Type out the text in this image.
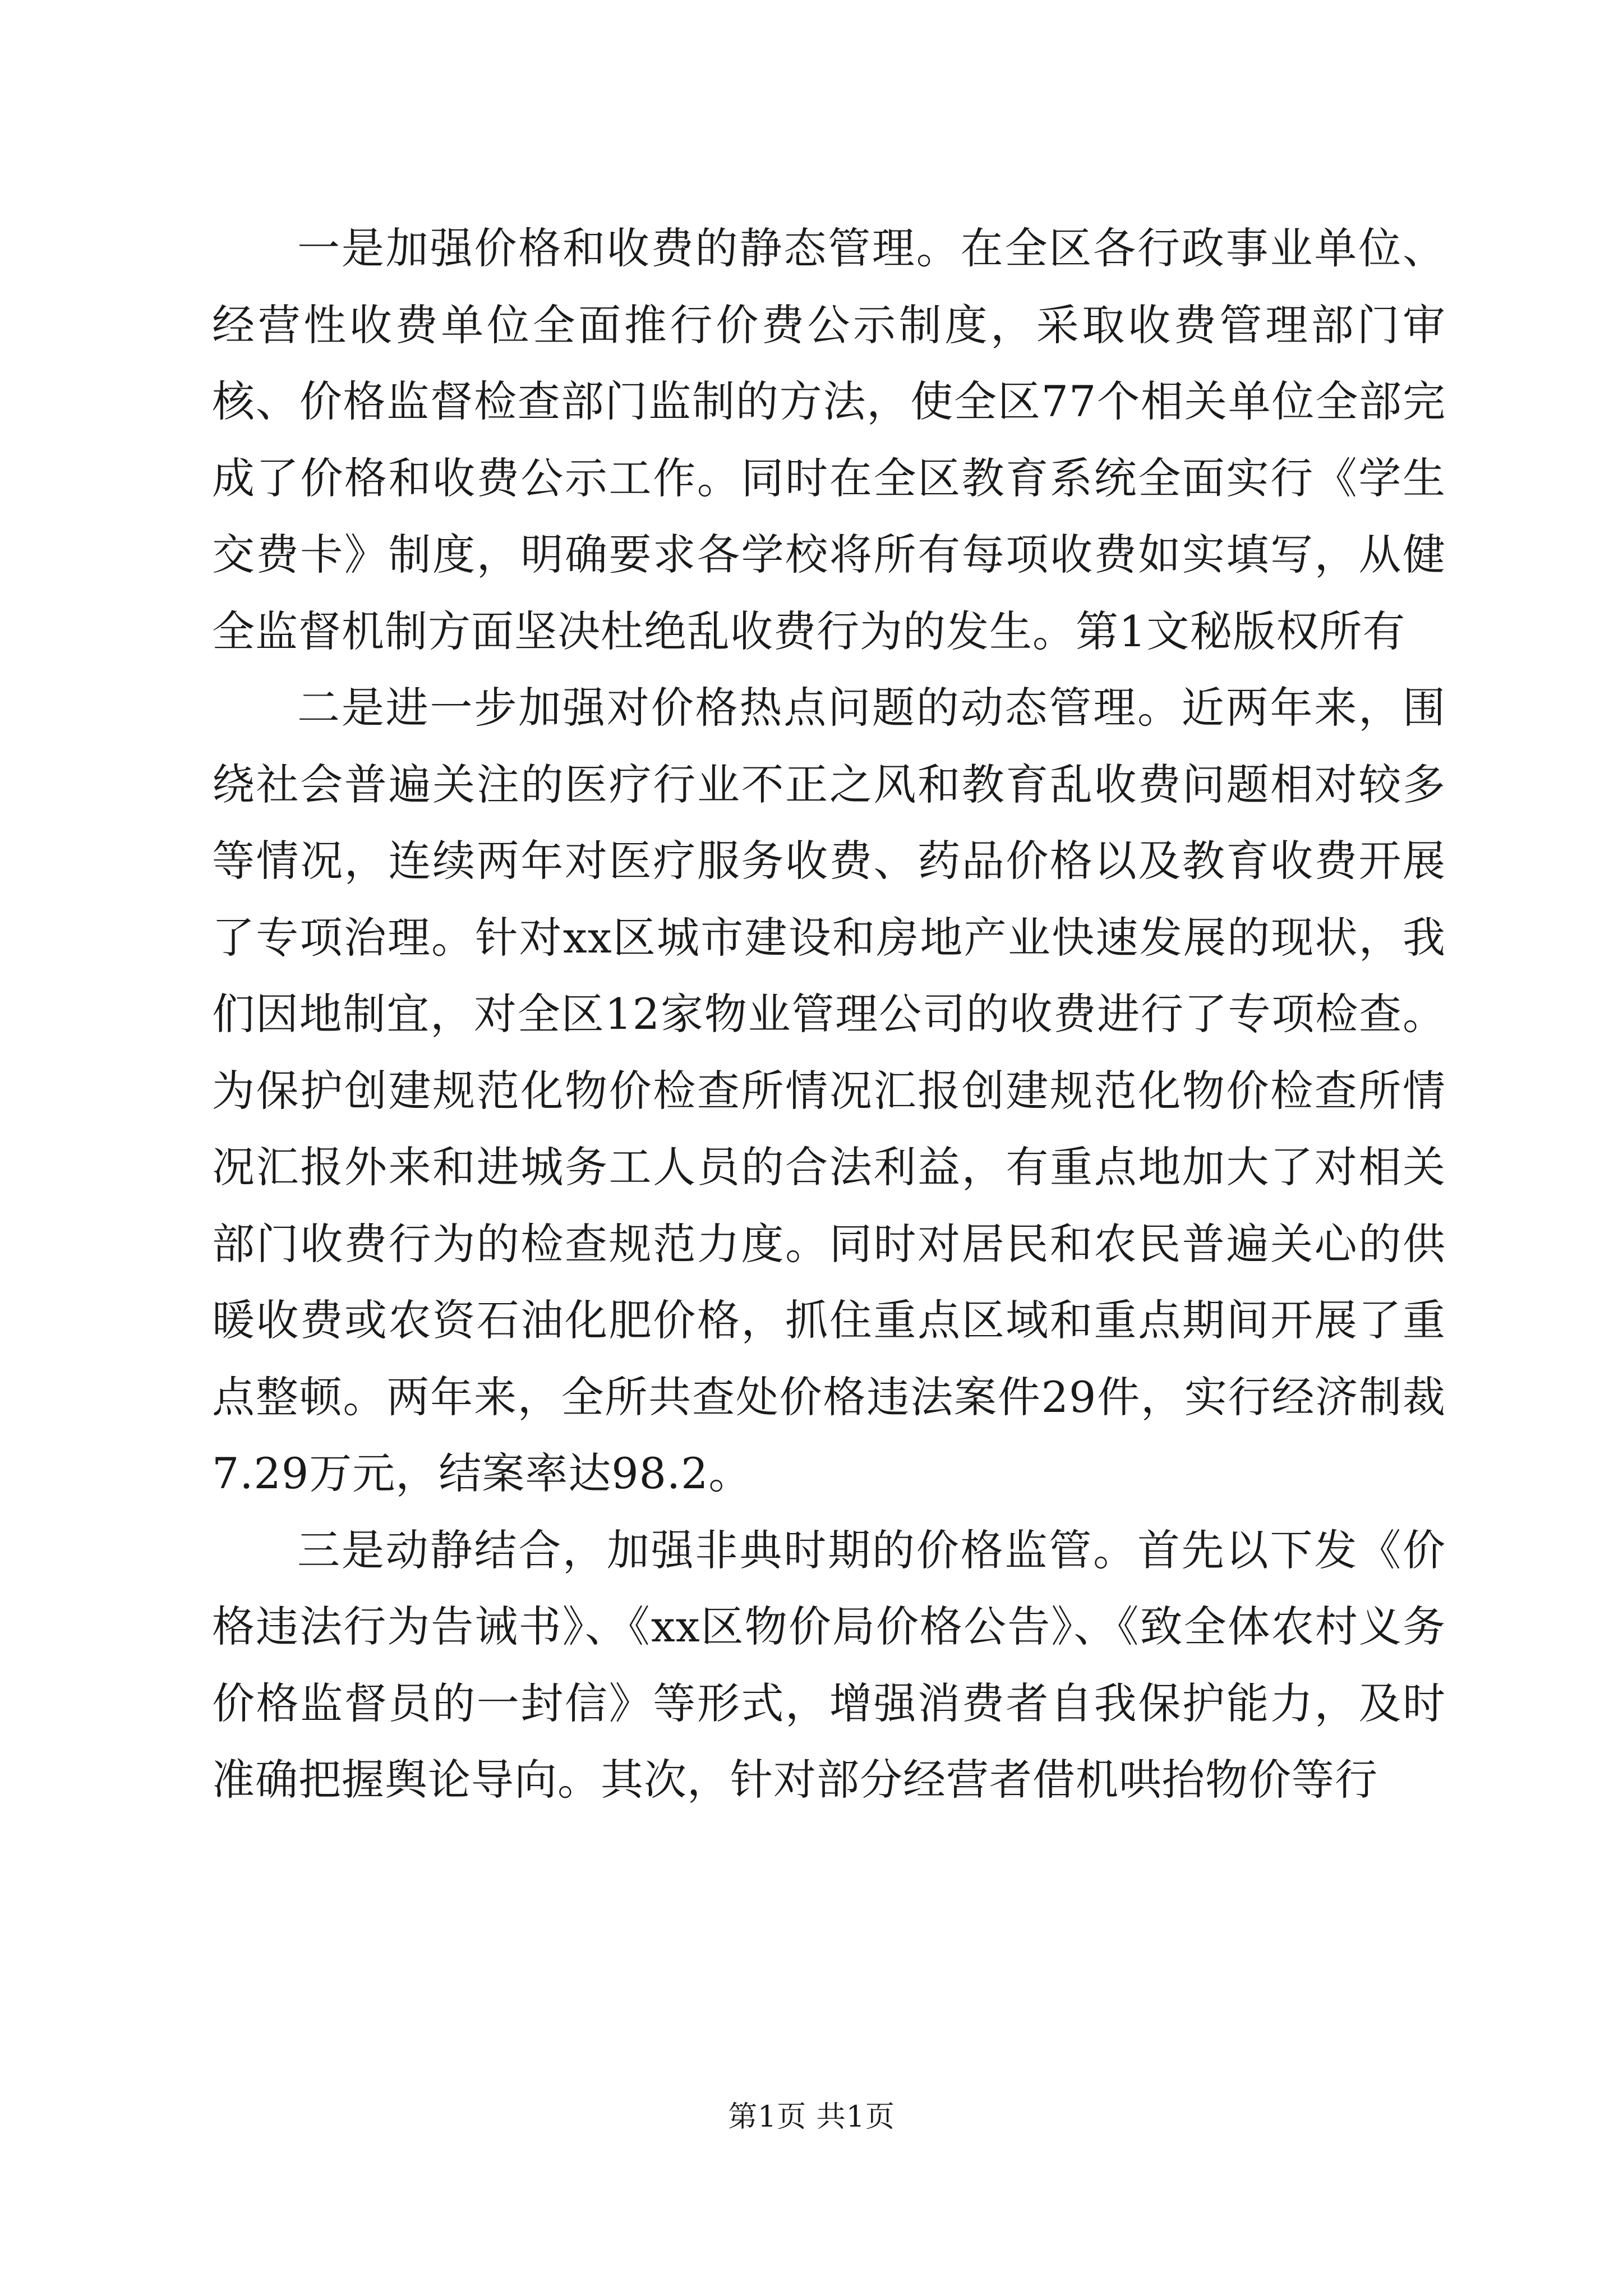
一是加强价格和收费的静态管理。在全区各行政事业单位、经营性收费单位全面推行价费公示制度，采取收费管理部门审核、价格监督检查部门监制的方法，使全区77个相关单位全部完成了价格和收费公示工作。同时在全区教育系统全面实行《学生交费卡》制度，明确要求各学校将所有每项收费如实填写，从健全监督机制方面坚决杜绝乱收费行为的发生。第1文秘版权所有

二是进一步加强对价格热点问题的动态管理。近两年来，围绕社会普遍关注的医疗行业不正之风和教育乱收费问题相对较多等情况，连续两年对医疗服务收费、药品价格以及教育收费开展了专项治理。针对xx区城市建设和房地产业快速发展的现状，我们因地制宜，对全区12家物业管理公司的收费进行了专项检查。为保护创建规范化物价检查所情况汇报创建规范化物价检查所情况汇报外来和进城务工人员的合法利益，有重点地加大了对相关部门收费行为的检查规范力度。同时对居民和农民普遍关心的供暖收费或农资石油化肥价格，抓住重点区域和重点期间开展了重点整顿。两年来，全所共查处价格违法案件29件，实行经济制裁7.29万元，结案率达98.2。

三是动静结合，加强非典时期的价格监管。首先以下发《价格违法行为告诫书》、《xx区物价局价格公告》、《致全体农村义务价格监督员的一封信》等形式，增强消费者自我保护能力，及时准确把握舆论导向。其次，针对部分经营者借机哄抬物价等行

第1页 共1页
